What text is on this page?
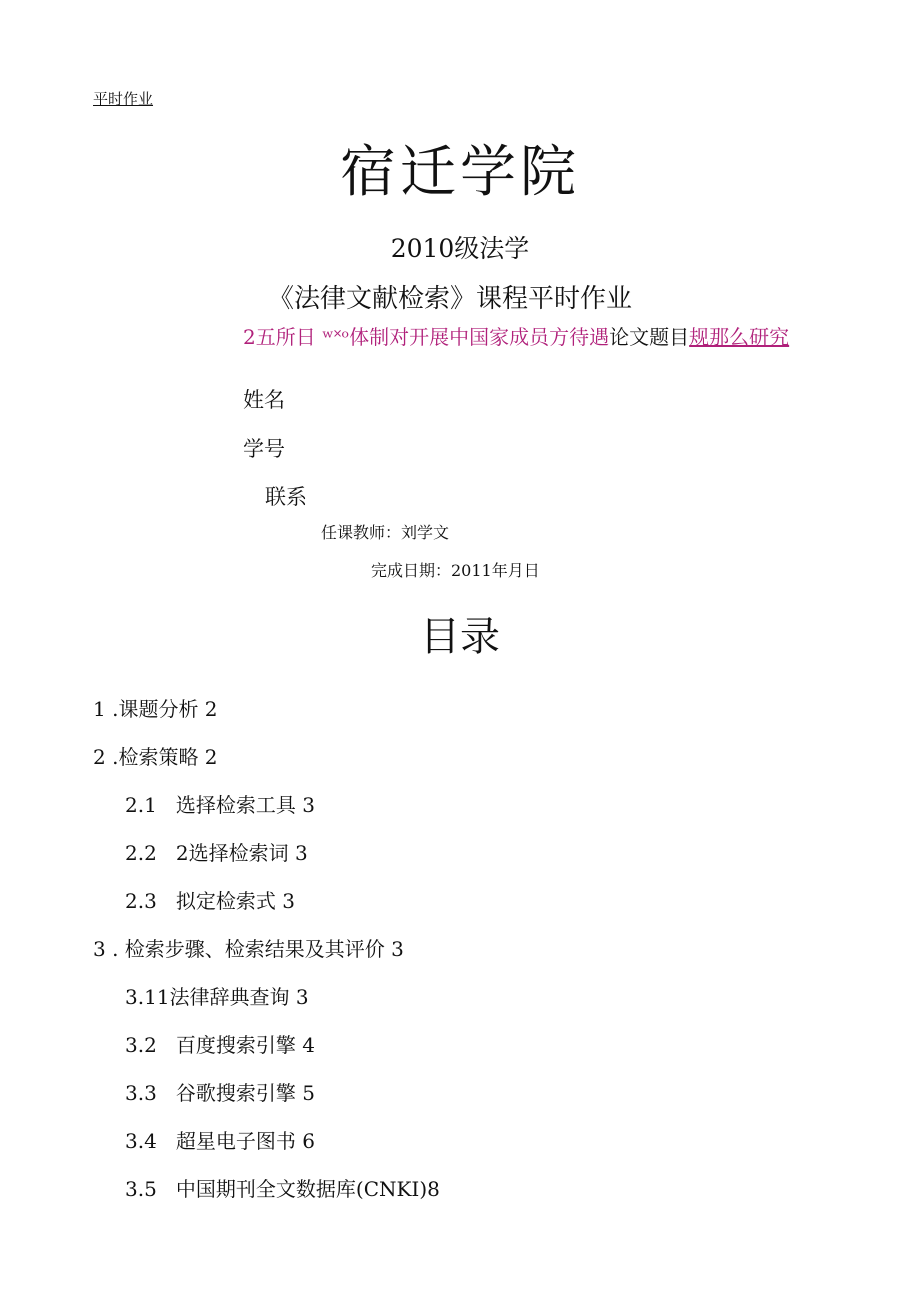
平时作业
宿迁学院
2010级法学
《法律文献检索》课程平时作业
2五所日 ʷ˟ᵒ体制对开展中国家成员方待遇论文题目规那么研究
姓名
学号
联系
任课教师：刘学文
完成日期：2011年月日
目录
1 .课题分析 2
2 .检索策略 2
2.1 选择检索工具 3
2.2 2选择检索词 3
2.3 拟定检索式 3
3 . 检索步骤、检索结果及其评价 3
3.11法律辞典查询 3
3.2 百度搜索引擎 4
3.3 谷歌搜索引擎 5
3.4 超星电子图书 6
3.5 中国期刊全文数据库(CNKI)8
